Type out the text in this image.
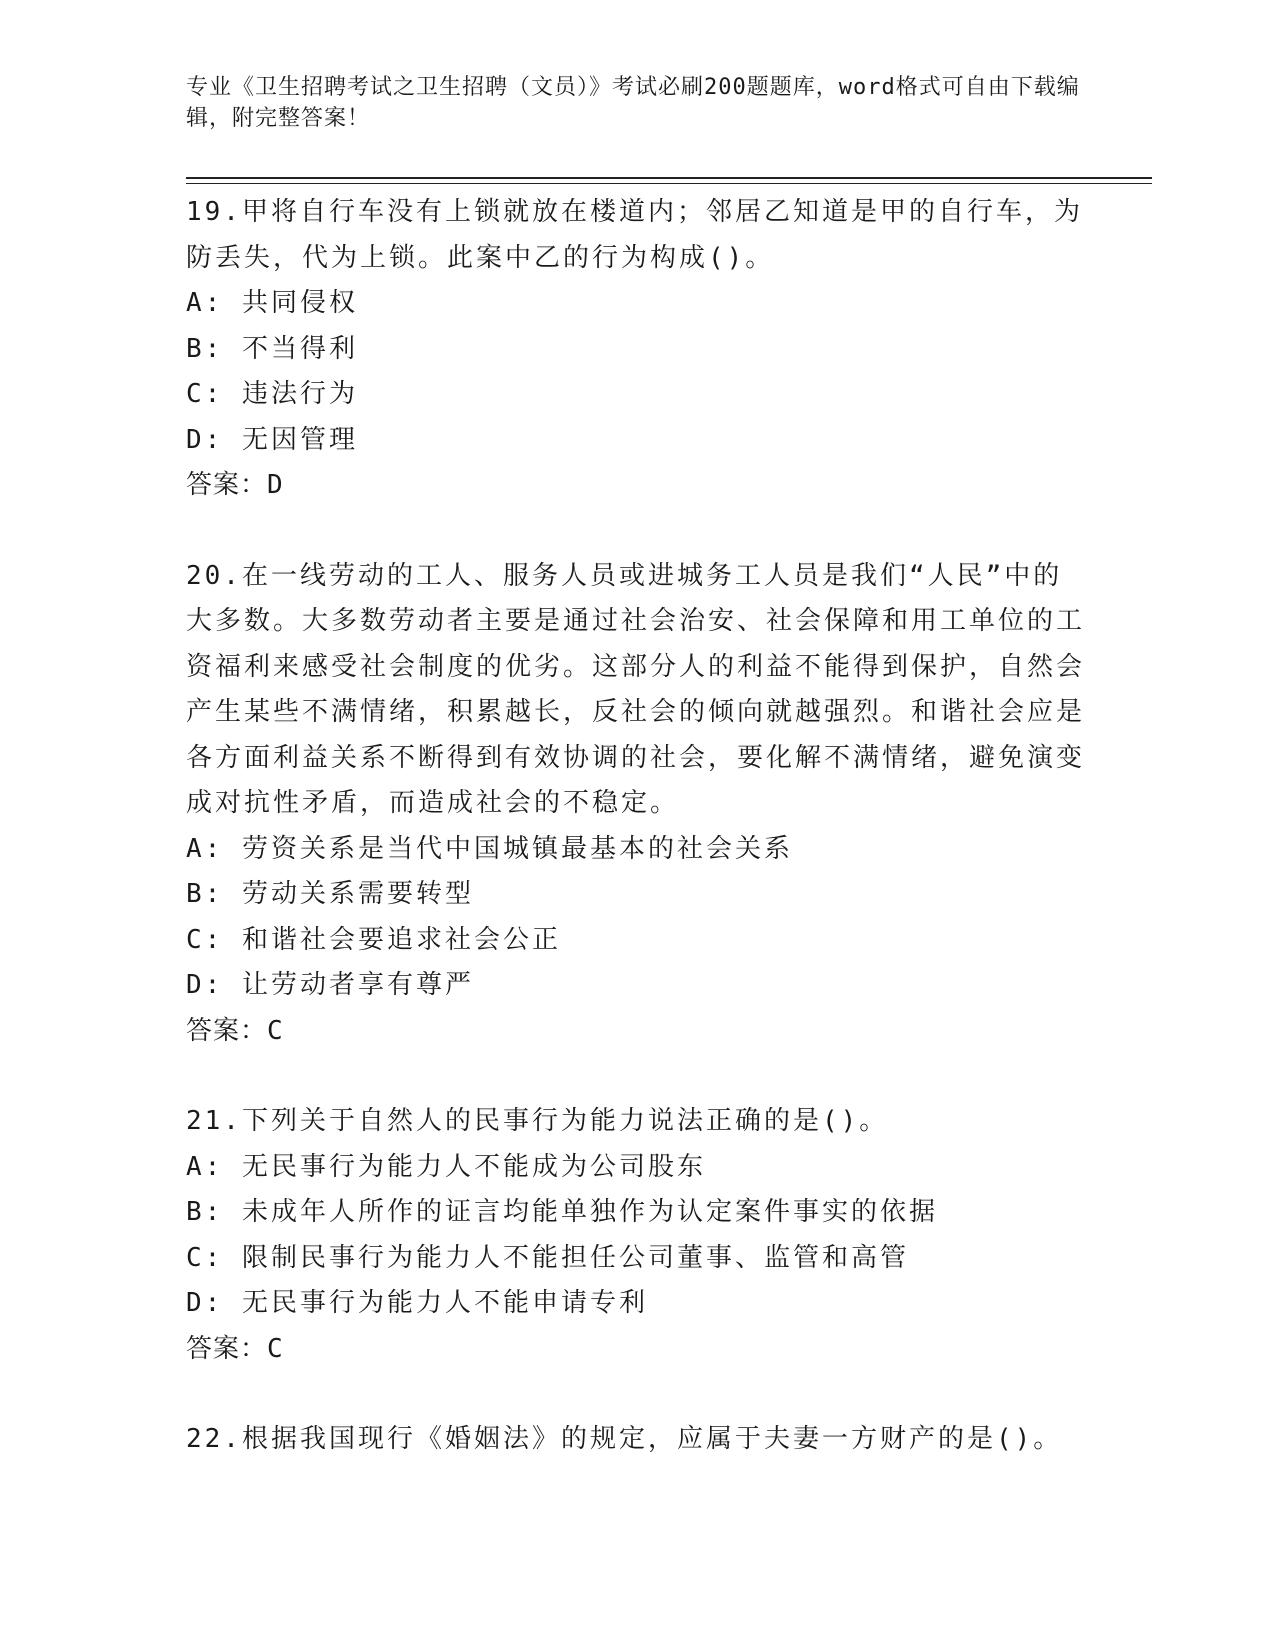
专业《卫生招聘考试之卫生招聘（文员）》考试必刷200题题库，word格式可自由下载编辑，附完整答案！

19.甲将自行车没有上锁就放在楼道内；邻居乙知道是甲的自行车，为防丢失，代为上锁。此案中乙的行为构成()。

A: 共同侵权

B: 不当得利

C: 违法行为

D: 无因管理

答案：D

20.在一线劳动的工人、服务人员或进城务工人员是我们“人民”中的大多数。大多数劳动者主要是通过社会治安、社会保障和用工单位的工资福利来感受社会制度的优劣。这部分人的利益不能得到保护，自然会产生某些不满情绪，积累越长，反社会的倾向就越强烈。和谐社会应是各方面利益关系不断得到有效协调的社会，要化解不满情绪，避免演变成对抗性矛盾，而造成社会的不稳定。

A: 劳资关系是当代中国城镇最基本的社会关系

B: 劳动关系需要转型

C: 和谐社会要追求社会公正

D: 让劳动者享有尊严

答案：C

21.下列关于自然人的民事行为能力说法正确的是()。

A: 无民事行为能力人不能成为公司股东

B: 未成年人所作的证言均能单独作为认定案件事实的依据

C: 限制民事行为能力人不能担任公司董事、监管和高管

D: 无民事行为能力人不能申请专利

答案：C

22.根据我国现行《婚姻法》的规定，应属于夫妻一方财产的是()。
